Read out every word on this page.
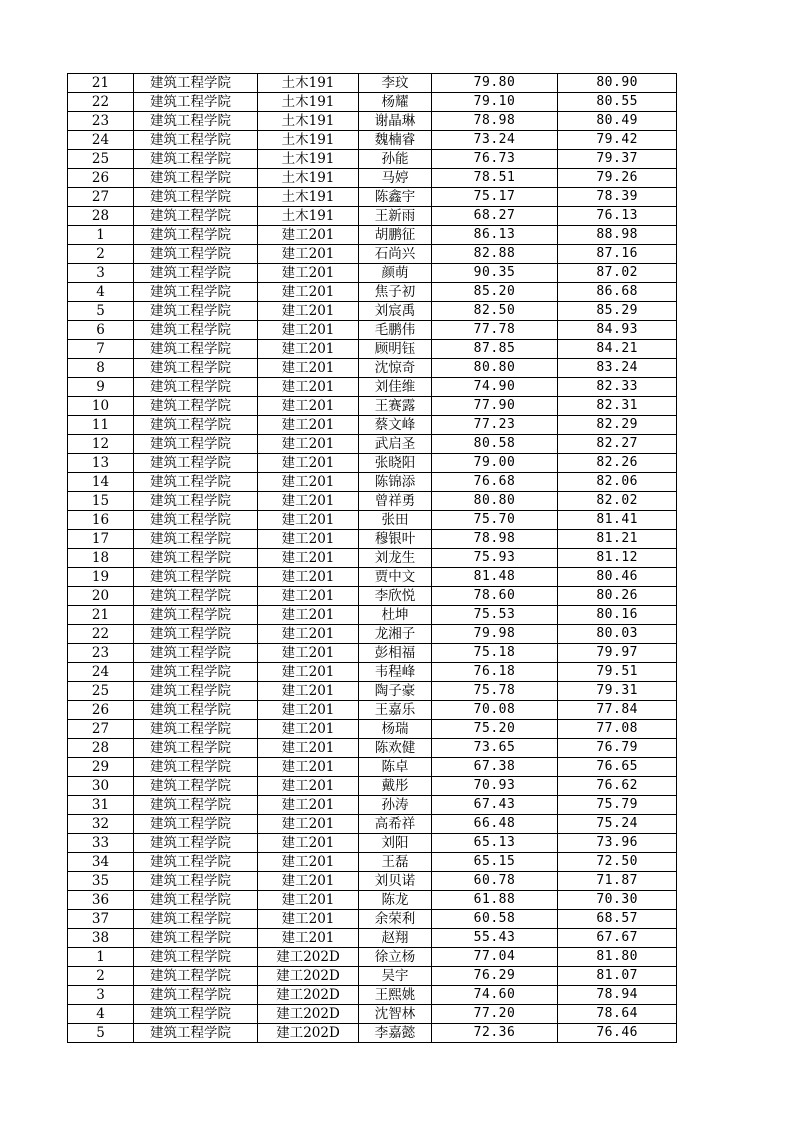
21	建筑工程学院	土木191	李玟	79.80	80.90
22	建筑工程学院	土木191	杨耀	79.10	80.55
23	建筑工程学院	土木191	谢晶琳	78.98	80.49
24	建筑工程学院	土木191	魏楠睿	73.24	79.42
25	建筑工程学院	土木191	孙能	76.73	79.37
26	建筑工程学院	土木191	马婷	78.51	79.26
27	建筑工程学院	土木191	陈鑫宇	75.17	78.39
28	建筑工程学院	土木191	王新雨	68.27	76.13
1	建筑工程学院	建工201	胡鹏征	86.13	88.98
2	建筑工程学院	建工201	石尚兴	82.88	87.16
3	建筑工程学院	建工201	颜萌	90.35	87.02
4	建筑工程学院	建工201	焦子初	85.20	86.68
5	建筑工程学院	建工201	刘宸禹	82.50	85.29
6	建筑工程学院	建工201	毛鹏伟	77.78	84.93
7	建筑工程学院	建工201	顾明钰	87.85	84.21
8	建筑工程学院	建工201	沈惊奇	80.80	83.24
9	建筑工程学院	建工201	刘佳维	74.90	82.33
10	建筑工程学院	建工201	王赛露	77.90	82.31
11	建筑工程学院	建工201	蔡文峰	77.23	82.29
12	建筑工程学院	建工201	武启圣	80.58	82.27
13	建筑工程学院	建工201	张晓阳	79.00	82.26
14	建筑工程学院	建工201	陈锦添	76.68	82.06
15	建筑工程学院	建工201	曾祥勇	80.80	82.02
16	建筑工程学院	建工201	张田	75.70	81.41
17	建筑工程学院	建工201	穆银叶	78.98	81.21
18	建筑工程学院	建工201	刘龙生	75.93	81.12
19	建筑工程学院	建工201	贾中文	81.48	80.46
20	建筑工程学院	建工201	李欣悦	78.60	80.26
21	建筑工程学院	建工201	杜坤	75.53	80.16
22	建筑工程学院	建工201	龙湘子	79.98	80.03
23	建筑工程学院	建工201	彭相福	75.18	79.97
24	建筑工程学院	建工201	韦程峰	76.18	79.51
25	建筑工程学院	建工201	陶子豪	75.78	79.31
26	建筑工程学院	建工201	王嘉乐	70.08	77.84
27	建筑工程学院	建工201	杨瑞	75.20	77.08
28	建筑工程学院	建工201	陈欢健	73.65	76.79
29	建筑工程学院	建工201	陈卓	67.38	76.65
30	建筑工程学院	建工201	戴彤	70.93	76.62
31	建筑工程学院	建工201	孙涛	67.43	75.79
32	建筑工程学院	建工201	高希祥	66.48	75.24
33	建筑工程学院	建工201	刘阳	65.13	73.96
34	建筑工程学院	建工201	王磊	65.15	72.50
35	建筑工程学院	建工201	刘贝诺	60.78	71.87
36	建筑工程学院	建工201	陈龙	61.88	70.30
37	建筑工程学院	建工201	余荣利	60.58	68.57
38	建筑工程学院	建工201	赵翔	55.43	67.67
1	建筑工程学院	建工202D	徐立杨	77.04	81.80
2	建筑工程学院	建工202D	吴宇	76.29	81.07
3	建筑工程学院	建工202D	王熙姚	74.60	78.94
4	建筑工程学院	建工202D	沈智林	77.20	78.64
5	建筑工程学院	建工202D	李嘉懿	72.36	76.46
